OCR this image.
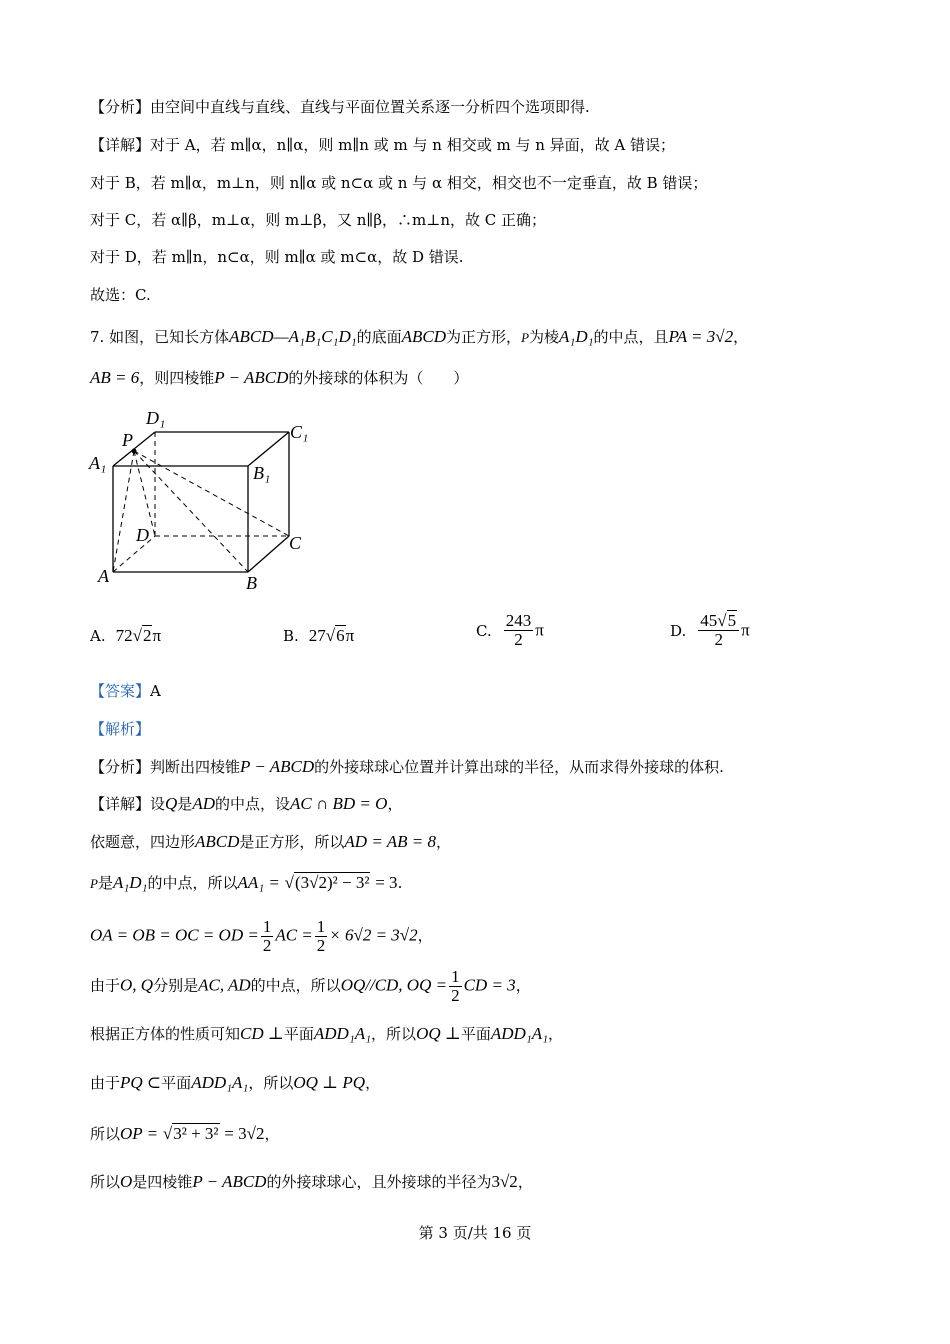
【分析】由空间中直线与直线、直线与平面位置关系逐一分析四个选项即得.
【详解】对于 A，若 m∥α，n∥α，则 m∥n 或 m 与 n 相交或 m 与 n 异面，故 A 错误；
对于 B，若 m∥α，m⊥n，则 n∥α 或 n⊂α 或 n 与 α 相交，相交也不一定垂直，故 B 错误；
对于 C，若 α∥β，m⊥α，则 m⊥β，又 n∥β，∴m⊥n，故 C 正确；
对于 D，若 m∥n，n⊂α，则 m∥α 或 m⊂α，故 D 错误.
故选：C.
7. 如图，已知长方体ABCD—A₁B₁C₁D₁的底面ABCD为正方形，P为棱A₁D₁的中点，且PA = 3√2，
AB = 6，则四棱锥P − ABCD的外接球的体积为（　　）
D₁
C₁
P
A₁	B₁
D	C
A	B
A. 72√2π	B. 27√6π	C. $\frac{243}{2}$ π	D. $\frac{45√5}{2}$ π
【答案】A
【解析】
【分析】判断出四棱锥P − ABCD的外接球球心位置并计算出球的半径，从而求得外接球的体积.
【详解】设Q是AD的中点，设AC ∩ BD = O，
依题意，四边形ABCD是正方形，所以AD = AB = 8，
P是A₁D₁的中点，所以AA₁ = √(3√2)² − 3² = 3.
OA = OB = OC = OD = $\frac{1}{2}$ AC = $\frac{1}{2} \times 6√2 = 3√2$，
由于O, Q分别是AC, AD的中点，所以OQ//CD, OQ = $\frac{1}{2}$ CD = 3，
根据正方体的性质可知CD ⊥平面ADD₁A₁，所以OQ ⊥平面ADD₁A₁，
由于PQ ⊂平面ADD₁A₁，所以OQ ⊥ PQ，
所以OP = √3² + 3² = 3√2，
所以O是四棱锥P − ABCD的外接球球心，且外接球的半径为3√2，
第 3 页/共 16 页
